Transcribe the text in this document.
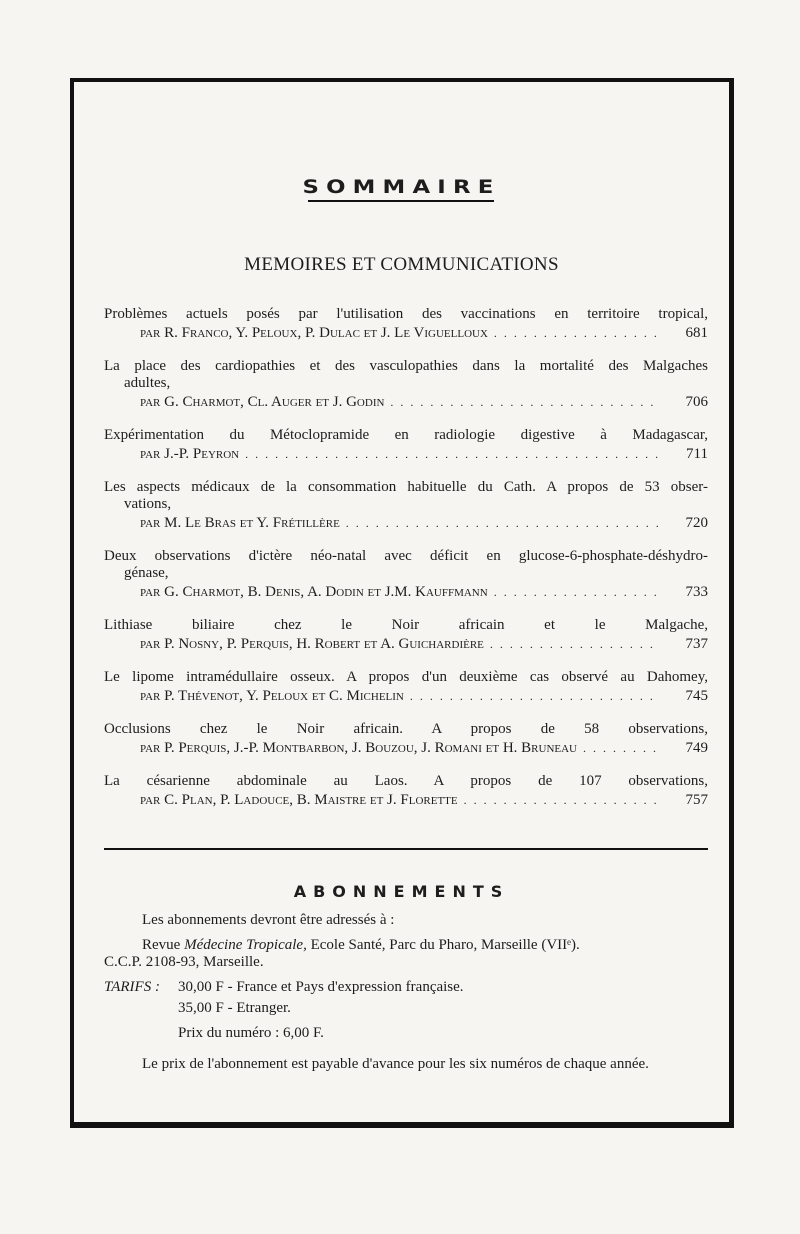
SOMMAIRE
MEMOIRES ET COMMUNICATIONS
Problèmes actuels posés par l'utilisation des vaccinations en territoire tropical,
par R. Franco, Y. Peloux, P. Dulac et J. Le Viguelloux . . .	681
La place des cardiopathies et des vasculopathies dans la mortalité des Malgaches
adultes,
par G. Charmot, Cl. Auger et J. Godin . . .	706
Expérimentation du Métoclopramide en radiologie digestive à Madagascar,
par J.-P. Peyron . . .	711
Les aspects médicaux de la consommation habituelle du Cath. A propos de 53 obser-
vations,
par M. Le Bras et Y. Frétillère . . .	720
Deux observations d'ictère néo-natal avec déficit en glucose-6-phosphate-déshydro-
génase,
par G. Charmot, B. Denis, A. Dodin et J.M. Kauffmann . . .	733
Lithiase biliaire chez le Noir africain et le Malgache,
par P. Nosny, P. Perquis, H. Robert et A. Guichardière . . .	737
Le lipome intramédullaire osseux. A propos d'un deuxième cas observé au Dahomey,
par P. Thévenot, Y. Peloux et C. Michelin . . .	745
Occlusions chez le Noir africain. A propos de 58 observations,
par P. Perquis, J.-P. Montbarbon, J. Bouzou, J. Romani et H. Bruneau . . .	749
La césarienne abdominale au Laos. A propos de 107 observations,
par C. Plan, P. Ladouce, B. Maistre et J. Florette . . .	757
ABONNEMENTS

Les abonnements devront être adressés à :

Revue Médecine Tropicale, Ecole Santé, Parc du Pharo, Marseille (VIIᵉ).

C.C.P. 2108-93, Marseille.

TARIFS :	30,00 F - France et Pays d'expression française.

35,00 F - Etranger.

Prix du numéro : 6,00 F.

Le prix de l'abonnement est payable d'avance pour les six numéros de chaque année.
